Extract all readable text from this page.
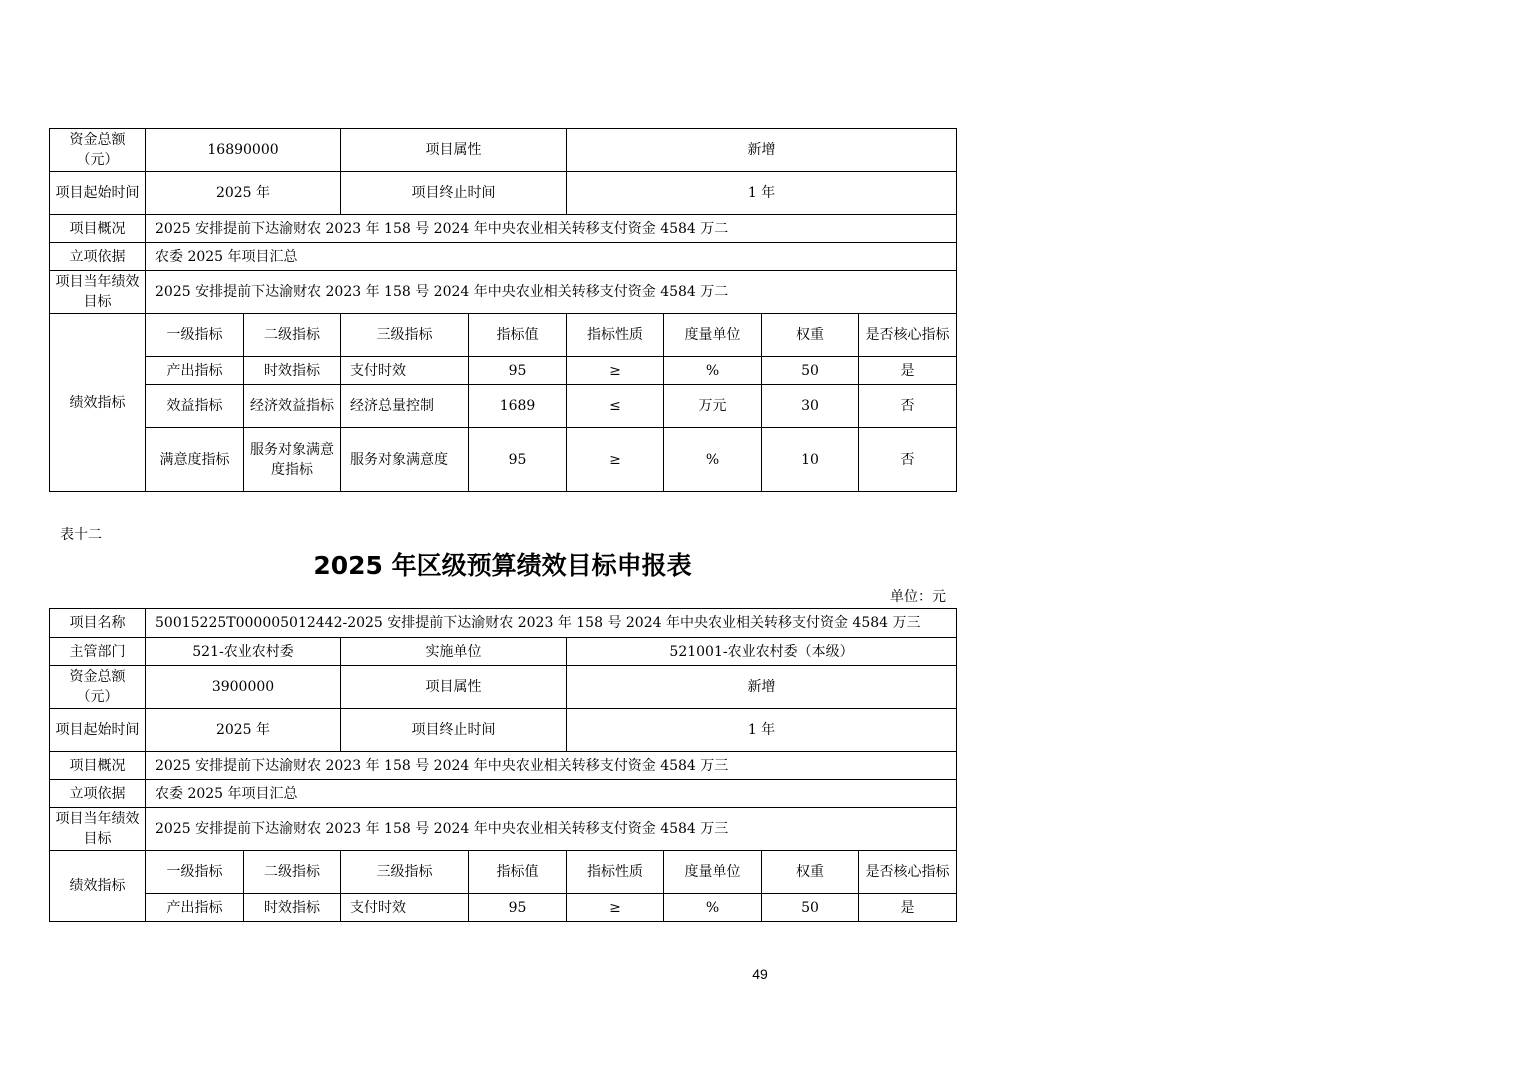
资金总额（元）	16890000		项目属性		新增			
项目起始时间	2025 年		项目终止时间		1 年			
项目概况	2025 安排提前下达渝财农 2023 年 158 号 2024 年中央农业相关转移支付资金 4584 万二							
立项依据	农委 2025 年项目汇总							
项目当年绩效目标	2025 安排提前下达渝财农 2023 年 158 号 2024 年中央农业相关转移支付资金 4584 万二							
绩效指标	一级指标	二级指标	三级指标	指标值	指标性质	度量单位	权重	是否核心指标
	产出指标	时效指标	支付时效	95	≥	%	50	是
	效益指标	经济效益指标	经济总量控制	1689	≤	万元	30	否
	满意度指标	服务对象满意度指标	服务对象满意度	95	≥	%	10	否
表十二
2025 年区级预算绩效目标申报表
单位：元
项目名称	50015225T000005012442-2025 安排提前下达渝财农 2023 年 158 号 2024 年中央农业相关转移支付资金 4584 万三							
主管部门	521-农业农村委		实施单位		521001-农业农村委（本级）			
资金总额（元）	3900000		项目属性		新增			
项目起始时间	2025 年		项目终止时间		1 年			
项目概况	2025 安排提前下达渝财农 2023 年 158 号 2024 年中央农业相关转移支付资金 4584 万三							
立项依据	农委 2025 年项目汇总							
项目当年绩效目标	2025 安排提前下达渝财农 2023 年 158 号 2024 年中央农业相关转移支付资金 4584 万三							
绩效指标	一级指标	二级指标	三级指标	指标值	指标性质	度量单位	权重	是否核心指标
	产出指标	时效指标	支付时效	95	≥	%	50	是
49
